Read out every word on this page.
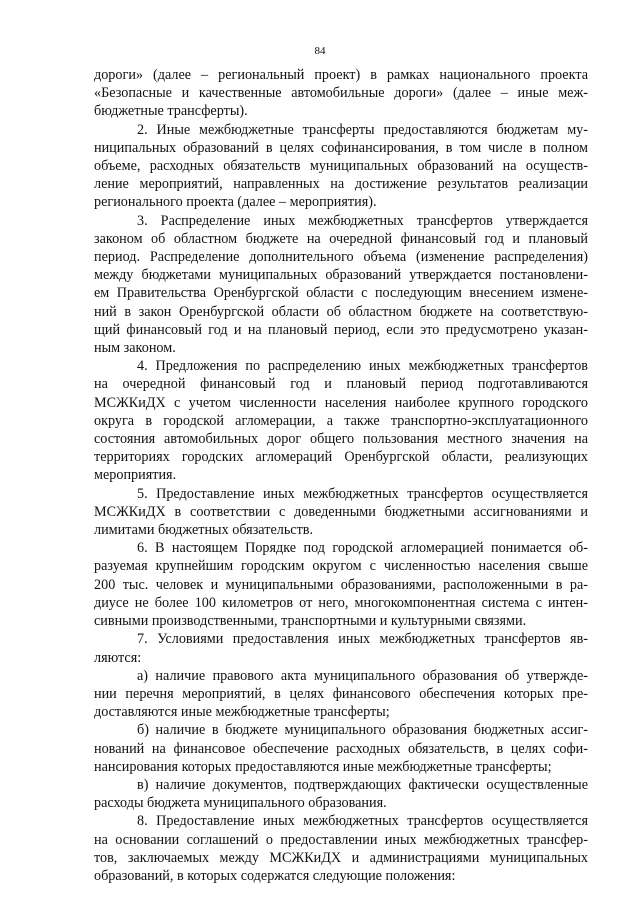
84
дороги» (далее – региональный проект) в рамках национального проекта
«Безопасные и качественные автомобильные дороги» (далее – иные меж-
бюджетные трансферты).
2. Иные межбюджетные трансферты предоставляются бюджетам му-
ниципальных образований в целях софинансирования, в том числе в полном
объеме, расходных обязательств муниципальных образований на осуществ-
ление мероприятий, направленных на достижение результатов реализации
регионального проекта (далее – мероприятия).
3. Распределение иных межбюджетных трансфертов утверждается
законом об областном бюджете на очередной финансовый год и плановый
период. Распределение дополнительного объема (изменение распределения)
между бюджетами муниципальных образований утверждается постановлени-
ем Правительства Оренбургской области с последующим внесением измене-
ний в закон Оренбургской области об областном бюджете на соответствую-
щий финансовый год и на плановый период, если это предусмотрено указан-
ным законом.
4. Предложения по распределению иных межбюджетных трансфертов
на очередной финансовый год и плановый период подготавливаются
МСЖКиДХ с учетом численности населения наиболее крупного городского
округа в городской агломерации, а также транспортно-эксплуатационного
состояния автомобильных дорог общего пользования местного значения на
территориях городских агломераций Оренбургской области, реализующих
мероприятия.
5. Предоставление иных межбюджетных трансфертов осуществляется
МСЖКиДХ в соответствии с доведенными бюджетными ассигнованиями и
лимитами бюджетных обязательств.
6. В настоящем Порядке под городской агломерацией понимается об-
разуемая крупнейшим городским округом с численностью населения свыше
200 тыс. человек и муниципальными образованиями, расположенными в ра-
диусе не более 100 километров от него, многокомпонентная система с интен-
сивными производственными, транспортными и культурными связями.
7. Условиями предоставления иных межбюджетных трансфертов яв-
ляются:
а) наличие правового акта муниципального образования об утвержде-
нии перечня мероприятий, в целях финансового обеспечения которых пре-
доставляются иные межбюджетные трансферты;
б) наличие в бюджете муниципального образования бюджетных ассиг-
нований на финансовое обеспечение расходных обязательств, в целях софи-
нансирования которых предоставляются иные межбюджетные трансферты;
в) наличие документов, подтверждающих фактически осуществленные
расходы бюджета муниципального образования.
8. Предоставление иных межбюджетных трансфертов осуществляется
на основании соглашений о предоставлении иных межбюджетных трансфер-
тов, заключаемых между МСЖКиДХ и администрациями муниципальных
образований, в которых содержатся следующие положения:
